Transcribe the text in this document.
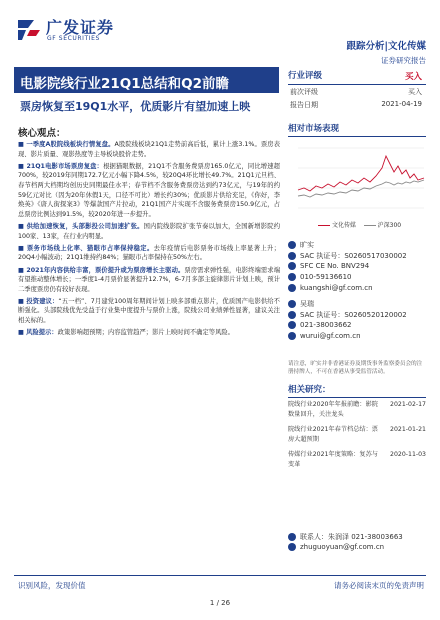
广发证券
GF SECURITIES
跟踪分析|文化传媒
证券研究报告
电影院线行业21Q1总结和Q2前瞻
票房恢复至19Q1水平，优质影片有望加速上映
行业评级	买入
前次评级	买入
报告日期	2021-04-19
核心观点：

■ 一季度A股院线板块行情复盘。A股院线板块21Q1走势前高后低，累计上涨3.1%。票房表现、影片质量、观影热度等主导板块股价走势。

■ 21Q1电影市场票房复盘：根据猫眼数据，21Q1不含服务费票房165.0亿元，同比增速超700%，较2019年同期172.7亿元小幅下降4.5%，较20Q4环比增长49.7%。21Q1元旦档、春节档两大档期均创历史同期最佳水平；春节档不含服务费票房达到约73亿元，与19年的约59亿元对比（因为20年休假1天，口径不可比）增长约30%；优质影片供给充足，《你好，李焕英》《唐人街探案3》等爆款国产片拉动，21Q1国产片实现不含服务费票房150.9亿元，占总票房比例达到91.5%，较2020年进一步提升。

■ 供给加速恢复，头部影投公司加速扩张。国内院线影院扩张节奏以加大，全国新增影院约100家、13家，在行业内明显。

■ 票务市场线上化率、猫眼市占率保持稳定。去年疫情后电影票务市场线上率显著上升；20Q4小幅波动；21Q1维持约84%；猫眼市占率保持在50%左右。

■ 2021年内容供给丰富，票价提升或为票房增长主驱动。票房需求弹性强，电影终端需求端有望推动整体增长；一季度1-4月票价显著提升12.7%，6-7月多部主旋律影片计划上映，预计二季度票房仍有较好表现。

■ 投资建议：“五一档”、7月建党100周年期间计划上映多部重点影片，优质国产电影供给不断强化。头部院线优先受益于行业集中度提升与票价上涨，院线公司业绩弹性显著，建议关注相关标的。

■ 风险提示：政策影响超预期；内容监管趋严；影片上映时间不确定等风险。

相对市场表现
文化传媒	沪深300
旷实
SAC 执证号：S0260517030002
SFC CE No. BNV294
010-59136610
kuangshi@gf.com.cn
吴瑞
SAC 执证号：S0260520120002
021-38003662
wurui@gf.com.cn
请注意，旷实并非香港证券及期货事务监察委员会的注册持牌人，不可在香港从事受监管活动。
相关研究：
院线行业2020年年报前瞻：影院数量回升，关注龙头
2021-02-17
院线行业2021年春节档总结：票房大超预期
2021-01-21
传媒行业2021年度策略：复苏与变革
2020-11-03
联系人：朱润泽 021-38003663
zhuguoyuan@gf.com.cn
识别风险，发现价值	请务必阅读末页的免责声明
1 / 26
